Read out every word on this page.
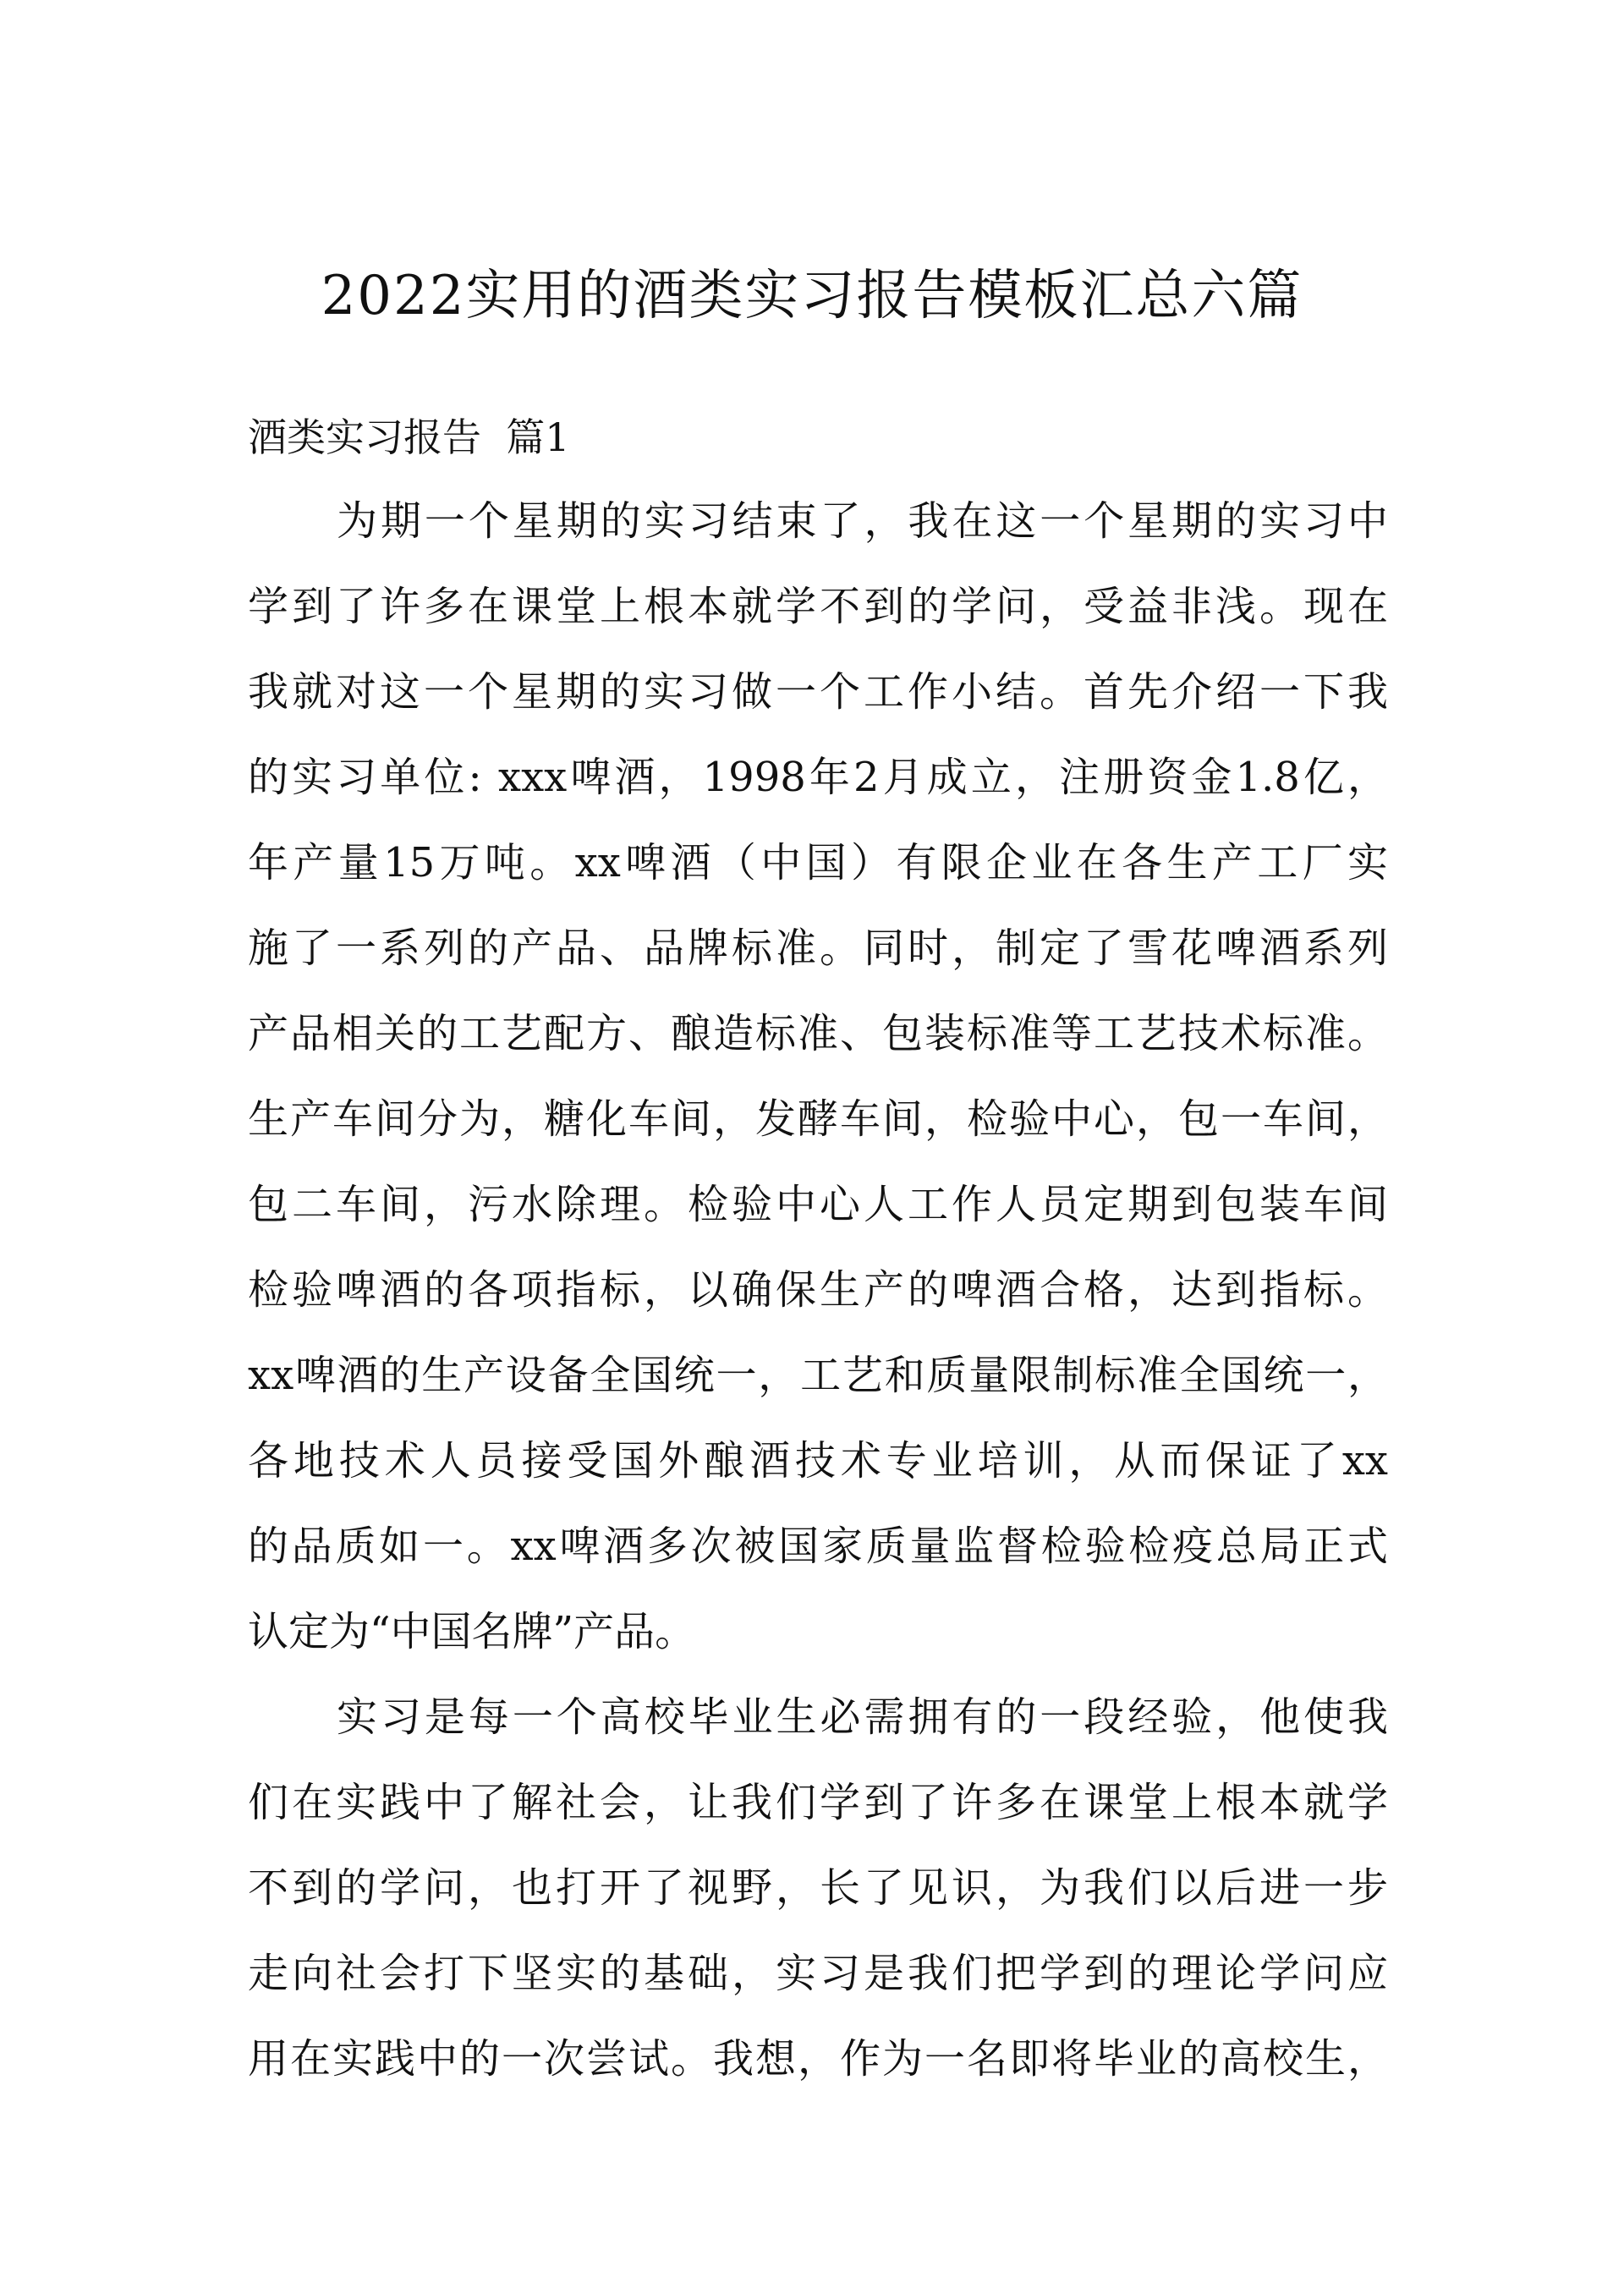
2022实用的酒类实习报告模板汇总六篇
酒类实习报告  篇1
为期一个星期的实习结束了，我在这一个星期的实习中
学到了许多在课堂上根本就学不到的学问，受益非浅。现在
我就对这一个星期的实习做一个工作小结。首先介绍一下我
的实习单位: xxx啤酒，1998年2月成立，注册资金1.8亿，
年产量15万吨。xx啤酒（中国）有限企业在各生产工厂实
施了一系列的产品、品牌标准。同时，制定了雪花啤酒系列
产品相关的工艺配方、酿造标准、包装标准等工艺技术标准。
生产车间分为，糖化车间，发酵车间，检验中心，包一车间，
包二车间，污水除理。检验中心人工作人员定期到包装车间
检验啤酒的各项指标，以确保生产的啤酒合格，达到指标。
xx啤酒的生产设备全国统一，工艺和质量限制标准全国统一，
各地技术人员接受国外酿酒技术专业培训，从而保证了xx
的品质如一。xx啤酒多次被国家质量监督检验检疫总局正式
认定为“中国名牌”产品。
实习是每一个高校毕业生必需拥有的一段经验，他使我
们在实践中了解社会，让我们学到了许多在课堂上根本就学
不到的学问，也打开了视野，长了见识，为我们以后进一步
走向社会打下坚实的基础，实习是我们把学到的理论学问应
用在实践中的一次尝试。我想，作为一名即将毕业的高校生，
